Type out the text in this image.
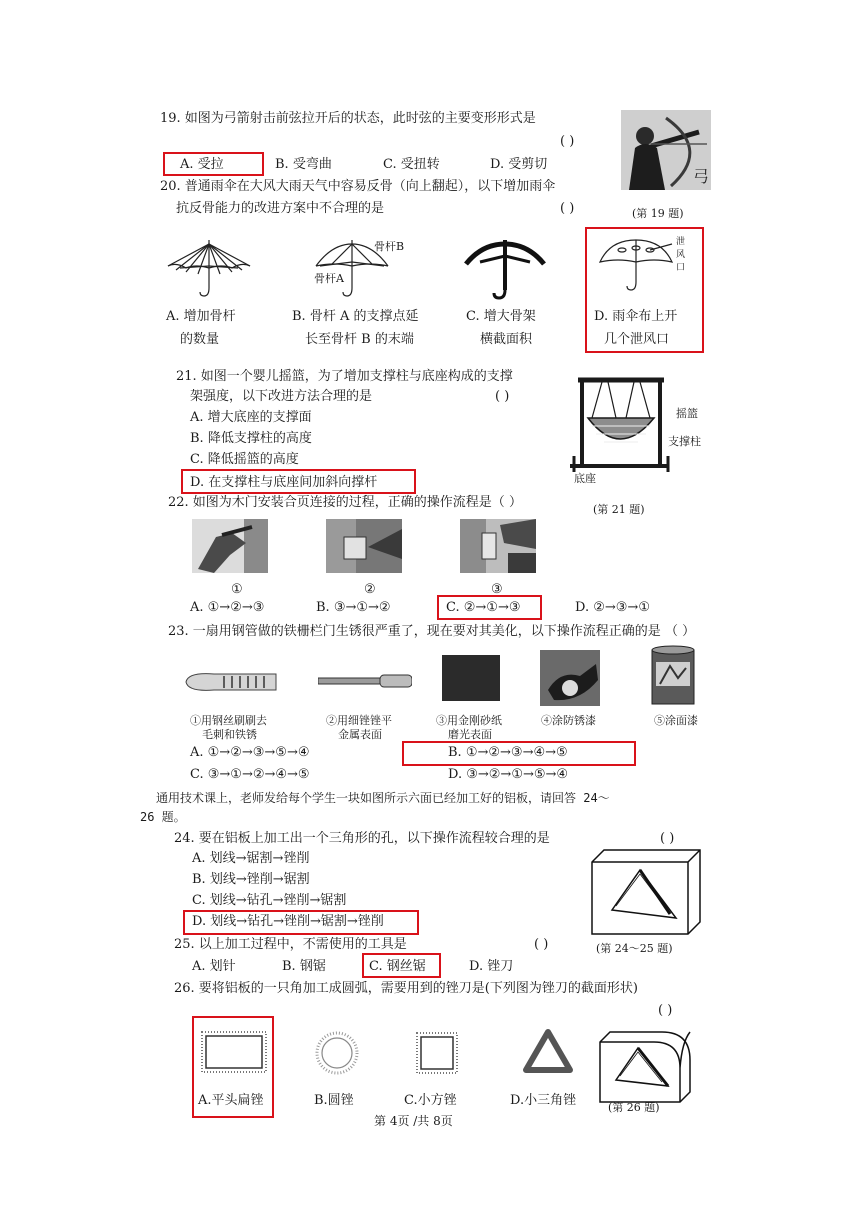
19. 如图为弓箭射击前弦拉开后的状态，此时弦的主要变形形式是
( )
A. 受拉	B. 受弯曲	C. 受扭转	D. 受剪切
弓
(第 19 题)
20. 普通雨伞在大风大雨天气中容易反骨（向上翻起），以下增加雨伞
抗反骨能力的改进方案中不合理的是	( )
骨杆B
骨杆A
泄
风
口
A. 增加骨杆
的数量
B. 骨杆 A 的支撑点延
长至骨杆 B 的末端
C. 增大骨架
横截面积
D. 雨伞布上开
几个泄风口
21. 如图一个婴儿摇篮，为了增加支撑柱与底座构成的支撑
架强度，以下改进方法合理的是	( )
A. 增大底座的支撑面
B. 降低支撑柱的高度
C. 降低摇篮的高度
D. 在支撑柱与底座间加斜向撑杆
摇篮
支撑柱
底座
(第 21 题)
22. 如图为木门安装合页连接的过程，正确的操作流程是（ ）
①	②	③
A. ①→②→③	B. ③→①→②	C. ②→①→③	D. ②→③→①
23. 一扇用钢管做的铁栅栏门生锈很严重了，现在要对其美化，以下操作流程正确的是 （ ）
①用钢丝刷刷去
毛刺和铁锈
②用细锉锉平
金属表面
③用金刚砂纸
磨光表面
④涂防锈漆	⑤涂面漆
A. ①→②→③→⑤→④	B. ①→②→③→④→⑤
C. ③→①→②→④→⑤	D. ③→②→①→⑤→④
通用技术课上，老师发给每个学生一块如图所示六面已经加工好的铝板，请回答 24～
26 题。
24. 要在铝板上加工出一个三角形的孔，以下操作流程较合理的是	( )
A. 划线→锯割→锉削
B. 划线→锉削→锯割
C. 划线→钻孔→锉削→锯割
D. 划线→钻孔→锉削→锯割→锉削
25. 以上加工过程中，不需使用的工具是	( )	(第 24～25 题)
A. 划针	B. 钢锯	C. 钢丝锯	D. 锉刀
26. 要将铝板的一只角加工成圆弧，需要用到的锉刀是(下列图为锉刀的截面形状)
( )
A.平头扁锉	B.圆锉	C.小方锉	D.小三角锉	(第 26 题)
第 4页 /共 8页
